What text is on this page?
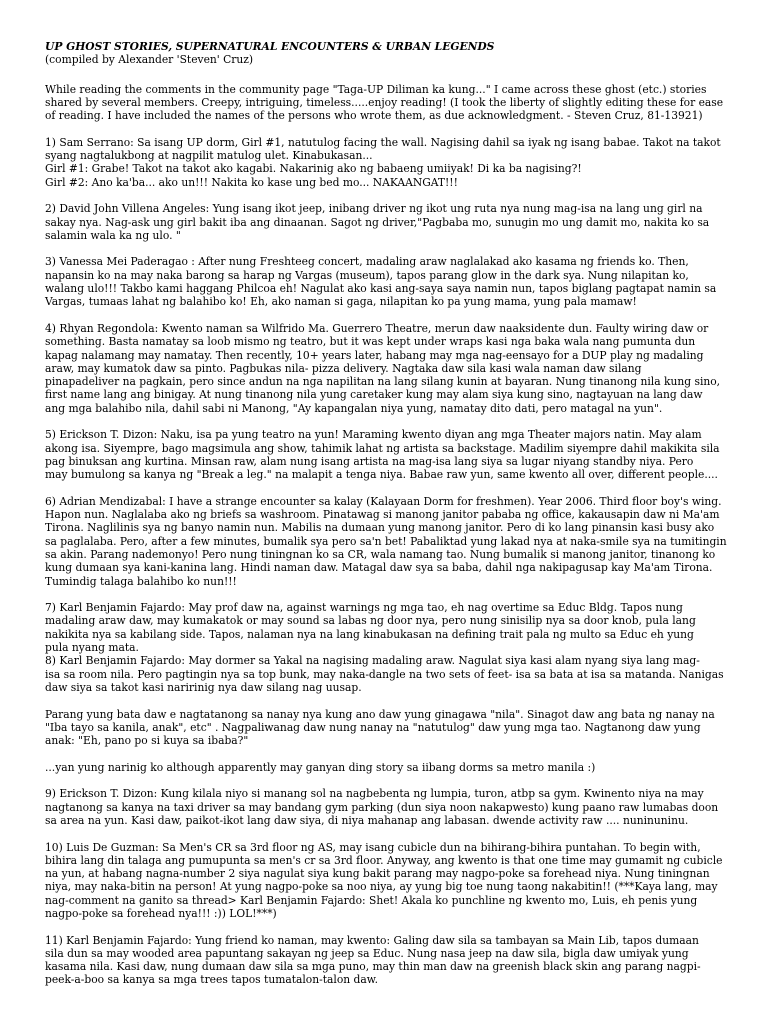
UP GHOST STORIES, SUPERNATURAL ENCOUNTERS & URBAN LEGENDS
(compiled by Alexander 'Steven' Cruz)

While reading the comments in the community page "Taga-UP Diliman ka kung..." I came across these ghost (etc.) stories
shared by several members. Creepy, intriguing, timeless.....enjoy reading! (I took the liberty of slightly editing these for ease
of reading. I have included the names of the persons who wrote them, as due acknowledgment. - Steven Cruz, 81-13921)

1) Sam Serrano: Sa isang UP dorm, Girl #1, natutulog facing the wall. Nagising dahil sa iyak ng isang babae. Takot na takot
syang nagtalukbong at nagpilit matulog ulet. Kinabukasan...
Girl #1: Grabe! Takot na takot ako kagabi. Nakarinig ako ng babaeng umiiyak! Di ka ba nagising?!
Girl #2: Ano ka'ba... ako un!!! Nakita ko kase ung bed mo... NAKAANGAT!!!

2) David John Villena Angeles: Yung isang ikot jeep, inibang driver ng ikot ung ruta nya nung mag-isa na lang ung girl na
sakay nya. Nag-ask ung girl bakit iba ang dinaanan. Sagot ng driver,"Pagbaba mo, sunugin mo ung damit mo, nakita ko sa
salamin wala ka ng ulo. "

3) Vanessa Mei Paderagao : After nung Freshteeg concert, madaling araw naglalakad ako kasama ng friends ko. Then,
napansin ko na may naka barong sa harap ng Vargas (museum), tapos parang glow in the dark sya. Nung nilapitan ko,
walang ulo!!! Takbo kami haggang Philcoa eh! Nagulat ako kasi ang-saya saya namin nun, tapos biglang pagtapat namin sa
Vargas, tumaas lahat ng balahibo ko! Eh, ako naman si gaga, nilapitan ko pa yung mama, yung pala mamaw!

4) Rhyan Regondola: Kwento naman sa Wilfrido Ma. Guerrero Theatre, merun daw naaksidente dun. Faulty wiring daw or
something. Basta namatay sa loob mismo ng teatro, but it was kept under wraps kasi nga baka wala nang pumunta dun
kapag nalamang may namatay. Then recently, 10+ years later, habang may mga nag-eensayo for a DUP play ng madaling
araw, may kumatok daw sa pinto. Pagbukas nila- pizza delivery. Nagtaka daw sila kasi wala naman daw silang
pinapadeliver na pagkain, pero since andun na nga napilitan na lang silang kunin at bayaran. Nung tinanong nila kung sino,
first name lang ang binigay. At nung tinanong nila yung caretaker kung may alam siya kung sino, nagtayuan na lang daw
ang mga balahibo nila, dahil sabi ni Manong, "Ay kapangalan niya yung, namatay dito dati, pero matagal na yun".

5) Erickson T. Dizon: Naku, isa pa yung teatro na yun! Maraming kwento diyan ang mga Theater majors natin. May alam
akong isa. Siyempre, bago magsimula ang show, tahimik lahat ng artista sa backstage. Madilim siyempre dahil makikita sila
pag binuksan ang kurtina. Minsan raw, alam nung isang artista na mag-isa lang siya sa lugar niyang standby niya. Pero
may bumulong sa kanya ng "Break a leg." na malapit a tenga niya. Babae raw yun, same kwento all over, different people....

6) Adrian Mendizabal: I have a strange encounter sa kalay (Kalayaan Dorm for freshmen). Year 2006. Third floor boy's wing.
Hapon nun. Naglalaba ako ng briefs sa washroom. Pinatawag si manong janitor pababa ng office, kakausapin daw ni Ma'am
Tirona. Naglilinis sya ng banyo namin nun. Mabilis na dumaan yung manong janitor. Pero di ko lang pinansin kasi busy ako
sa paglalaba. Pero, after a few minutes, bumalik sya pero sa'n bet! Pabaliktad yung lakad nya at naka-smile sya na tumitingin
sa akin. Parang nademonyo! Pero nung tiningnan ko sa CR, wala namang tao. Nung bumalik si manong janitor, tinanong ko
kung dumaan sya kani-kanina lang. Hindi naman daw. Matagal daw sya sa baba, dahil nga nakipagusap kay Ma'am Tirona.
Tumindig talaga balahibo ko nun!!!

7) Karl Benjamin Fajardo: May prof daw na, against warnings ng mga tao, eh nag overtime sa Educ Bldg. Tapos nung
madaling araw daw, may kumakatok or may sound sa labas ng door nya, pero nung sinisilip nya sa door knob, pula lang
nakikita nya sa kabilang side. Tapos, nalaman nya na lang kinabukasan na defining trait pala ng multo sa Educ eh yung
pula nyang mata.
8) Karl Benjamin Fajardo: May dormer sa Yakal na nagising madaling araw. Nagulat siya kasi alam nyang siya lang mag-
isa sa room nila. Pero pagtingin nya sa top bunk, may naka-dangle na two sets of feet- isa sa bata at isa sa matanda. Nanigas
daw siya sa takot kasi naririnig nya daw silang nag uusap.

Parang yung bata daw e nagtatanong sa nanay nya kung ano daw yung ginagawa "nila". Sinagot daw ang bata ng nanay na
"Iba tayo sa kanila, anak", etc" . Nagpaliwanag daw nung nanay na "natutulog" daw yung mga tao. Nagtanong daw yung
anak: "Eh, pano po si kuya sa ibaba?"

...yan yung narinig ko although apparently may ganyan ding story sa iibang dorms sa metro manila :)

9) Erickson T. Dizon: Kung kilala niyo si manang sol na nagbebenta ng lumpia, turon, atbp sa gym. Kwinento niya na may
nagtanong sa kanya na taxi driver sa may bandang gym parking (dun siya noon nakapwesto) kung paano raw lumabas doon
sa area na yun. Kasi daw, paikot-ikot lang daw siya, di niya mahanap ang labasan. dwende activity raw .... nuninuninu.

10) Luis De Guzman: Sa Men's CR sa 3rd floor ng AS, may isang cubicle dun na bihirang-bihira puntahan. To begin with,
bihira lang din talaga ang pumupunta sa men's cr sa 3rd floor. Anyway, ang kwento is that one time may gumamit ng cubicle
na yun, at habang nagna-number 2 siya nagulat siya kung bakit parang may nagpo-poke sa forehead niya. Nung tiningnan
niya, may naka-bitin na person! At yung nagpo-poke sa noo niya, ay yung big toe nung taong nakabitin!! (***Kaya lang, may
nag-comment na ganito sa thread> Karl Benjamin Fajardo: Shet! Akala ko punchline ng kwento mo, Luis, eh penis yung
nagpo-poke sa forehead nya!!! :)) LOL!***)

11) Karl Benjamin Fajardo: Yung friend ko naman, may kwento: Galing daw sila sa tambayan sa Main Lib, tapos dumaan
sila dun sa may wooded area papuntang sakayan ng jeep sa Educ. Nung nasa jeep na daw sila, bigla daw umiyak yung
kasama nila. Kasi daw, nung dumaan daw sila sa mga puno, may thin man daw na greenish black skin ang parang nagpi-
peek-a-boo sa kanya sa mga trees tapos tumatalon-talon daw.
